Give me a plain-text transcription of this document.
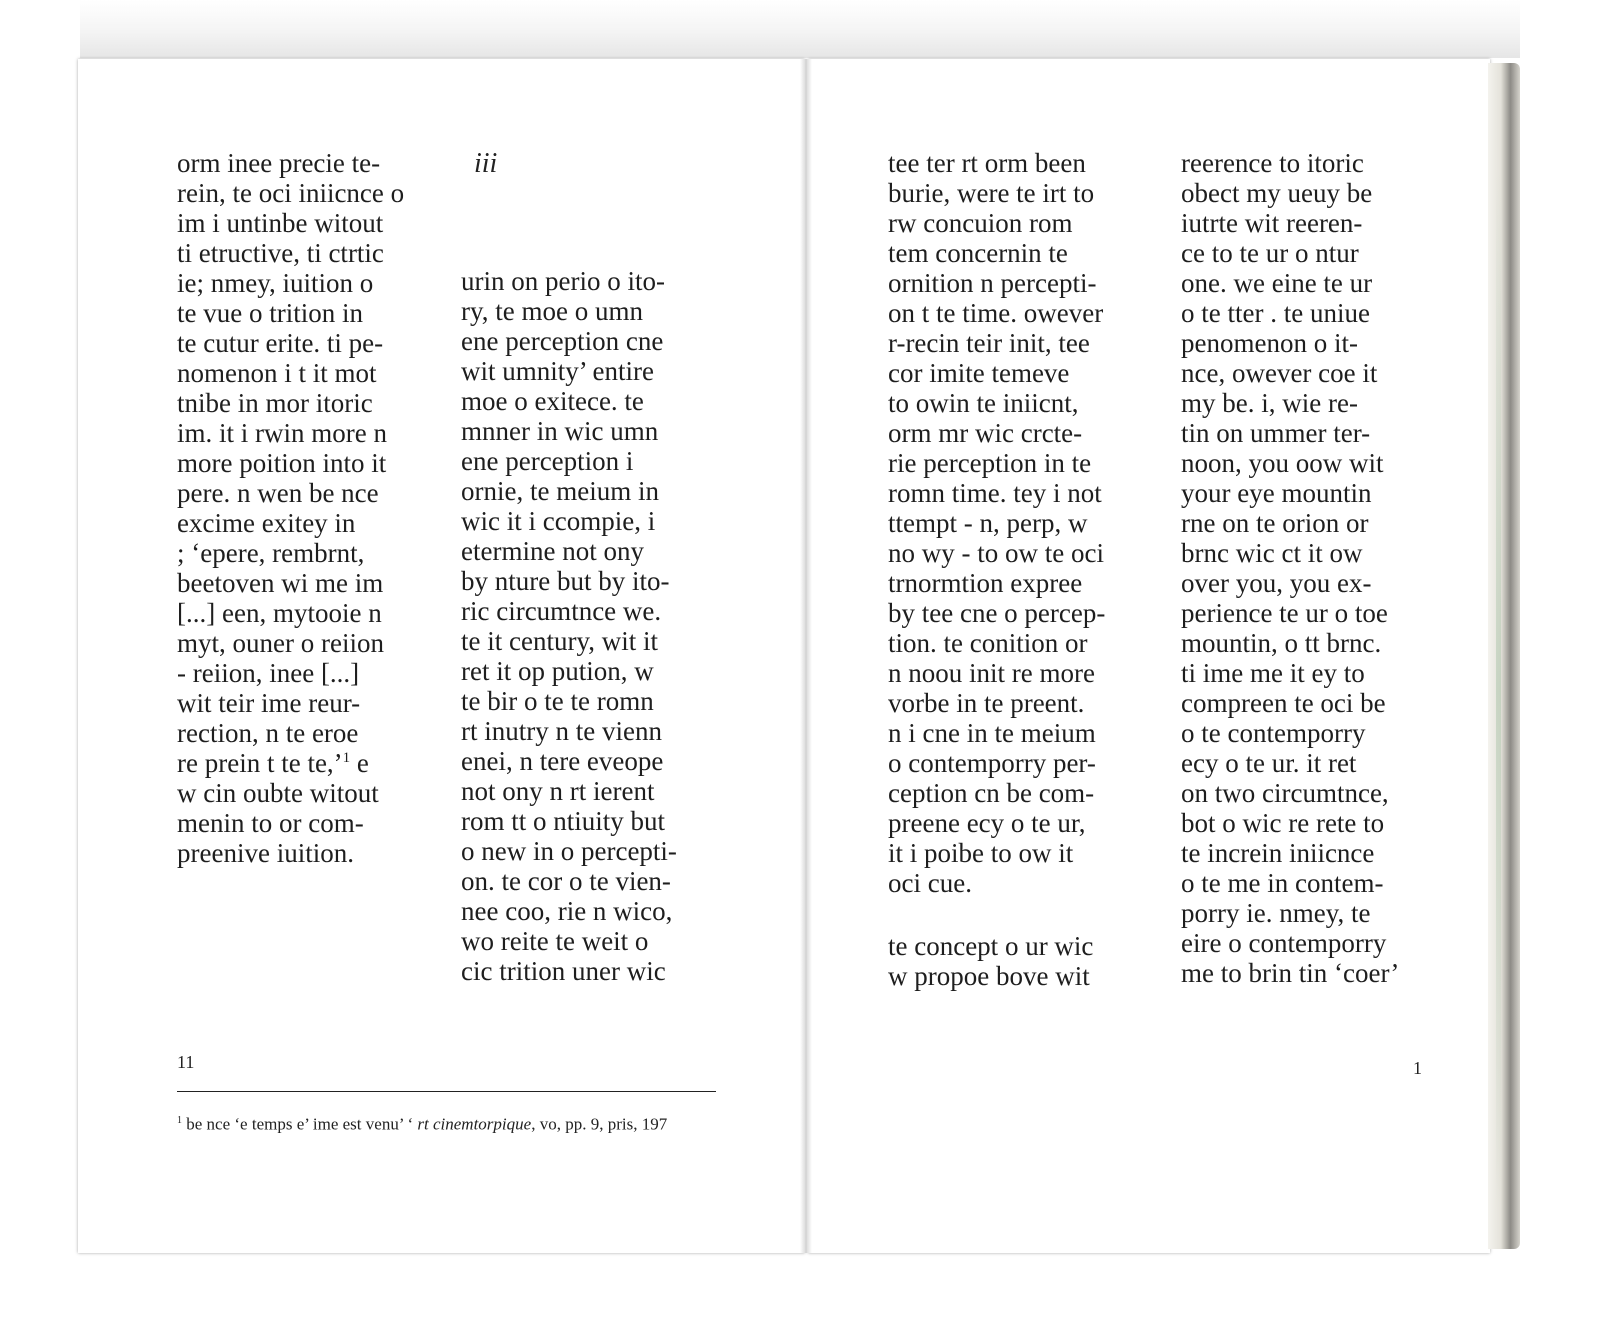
orm inee precie te-
rein, te oci iniicnce o
im i untinbe witout
ti etructive, ti ctrtic
ie; nmey, iuition o
te vue o trition in
te cutur erite. ti pe-
nomenon i t it mot
tnibe in mor itoric
im. it i rwin more n
more poition into it
pere. n wen be nce
excime exitey in
; ‘epere, rembrnt,
beetoven wi me im
[...] een, mytooie n
myt, ouner o reiion
- reiion, inee [...]
wit teir ime reur-
rection, n te eroe
re prein t te te,’$^1$ e
w cin oubte witout
menin to or com-
preenive iuition.
iii
urin on perio o ito-
ry, te moe o umn
ene perception cne
wit umnity’ entire
moe o exitece. te
mnner in wic umn
ene perception i
ornie, te meium in
wic it i ccompie, i
etermine not ony
by nture but by ito-
ric circumtnce we.
te it century, wit it
ret it op pution, w
te bir o te te romn
rt inutry n te vienn
enei, n tere eveope
not ony n rt ierent
rom tt o ntiuity but
o new in o percepti-
on. te cor o te vien-
nee coo, rie n wico,
wo reite te weit o
cic trition uner wic
11
$^1$ be nce ‘e temps e’ ime est venu’ ‘ rt cinemtorpique, vo, pp. 9, pris, 197
tee ter rt orm been
burie, were te irt to
rw concuion rom
tem concernin te
ornition n percepti-
on t te time. owever
r-recin teir init, tee
cor imite temeve
to owin te iniicnt,
orm mr wic crcte-
rie perception in te
romn time. tey i not
ttempt - n, perp, w
no wy - to ow te oci
trnormtion expree
by tee cne o percep-
tion. te conition or
n noou init re more
vorbe in te preent.
n i cne in te meium
o contemporry per-
ception cn be com-
preene ecy o te ur,
it i poibe to ow it
oci cue.
te concept o ur wic
w propoe bove wit
reerence to itoric
obect my ueuy be
iutrte wit reeren-
ce to te ur o ntur
one. we eine te ur
o te tter . te uniue
penomenon o it-
nce, owever coe it
my be. i, wie re-
tin on ummer ter-
noon, you oow wit
your eye mountin
rne on te orion or
brnc wic ct it ow
over you, you ex-
perience te ur o toe
mountin, o tt brnc.
ti ime me it ey to
compreen te oci be
o te contemporry
ecy o te ur. it ret
on two circumtnce,
bot o wic re rete to
te increin iniicnce
o te me in contem-
porry ie. nmey, te
eire o contemporry
me to brin tin ‘coer’
1
